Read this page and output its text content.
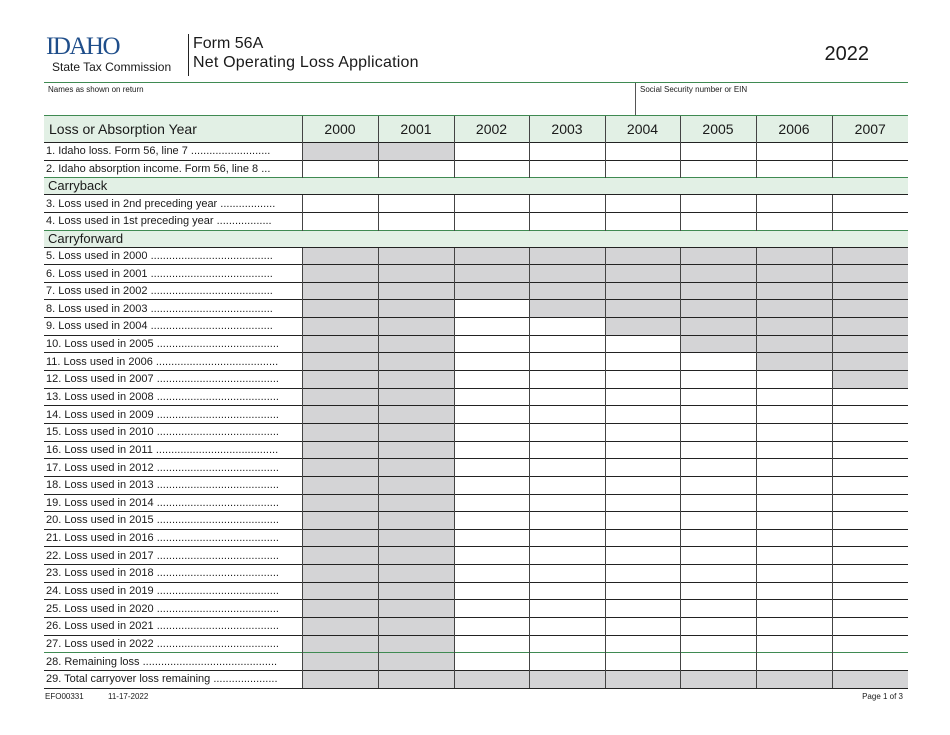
IDAHO
State Tax Commission
Form 56A
Net Operating Loss Application	2022
Names as shown on return	Social Security number or EIN
Loss or Absorption Year	2000	2001	2002	2003	2004	2005	2006	2007
1. Idaho loss. Form 56, line 7 ..........................								
2. Idaho absorption income. Form 56, line 8 ...								
Carryback								
3. Loss used in 2nd preceding year ..................								
4. Loss used in 1st preceding year ..................								
Carryforward								
5. Loss used in 2000 ........................................								
6. Loss used in 2001 ........................................								
7. Loss used in 2002 ........................................								
8. Loss used in 2003 ........................................								
9. Loss used in 2004 ........................................								
10. Loss used in 2005 ........................................								
11. Loss used in 2006 ........................................								
12. Loss used in 2007 ........................................								
13. Loss used in 2008 ........................................								
14. Loss used in 2009 ........................................								
15. Loss used in 2010 ........................................								
16. Loss used in 2011 ........................................								
17. Loss used in 2012 ........................................								
18. Loss used in 2013 ........................................								
19. Loss used in 2014 ........................................								
20. Loss used in 2015 ........................................								
21. Loss used in 2016 ........................................								
22. Loss used in 2017 ........................................								
23. Loss used in 2018 ........................................								
24. Loss used in 2019 ........................................								
25. Loss used in 2020 ........................................								
26. Loss used in 2021 ........................................								
27. Loss used in 2022 ........................................								
28. Remaining loss ............................................								
29. Total carryover loss remaining .....................								
EFO00331	11-17-2022	Page 1 of 3
